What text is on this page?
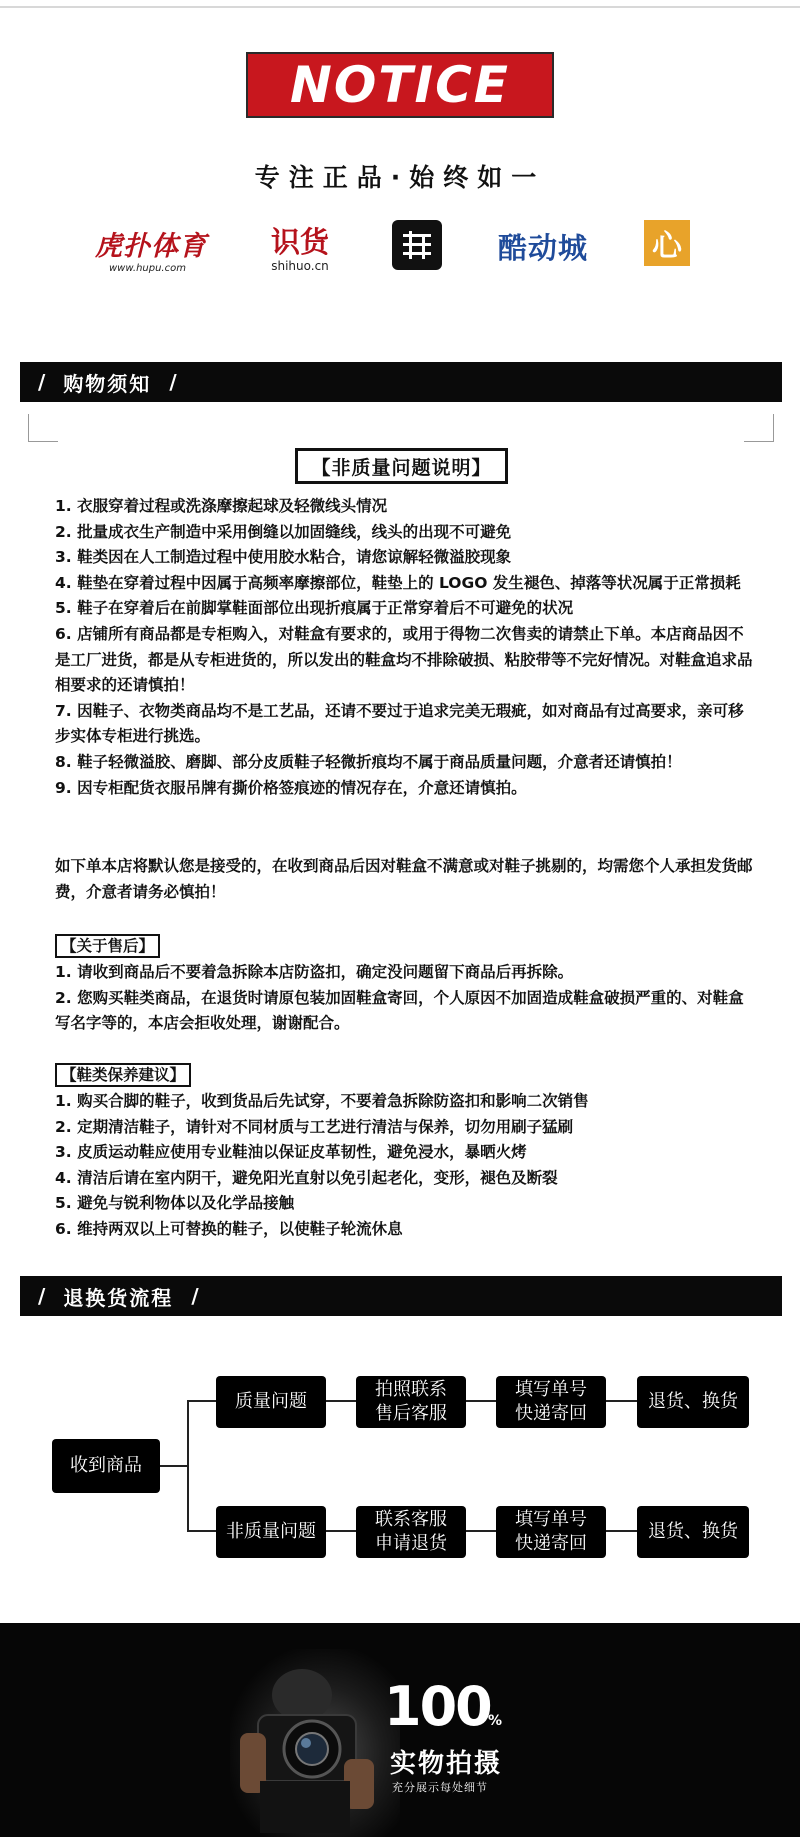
NOTICE
专注正品·始终如一
虎扑体育
www.hupu.com
识货
shihuo.cn
酷动城	心
/ 购物须知 /
【非质量问题说明】

1. 衣服穿着过程或洗涤摩擦起球及轻微线头情况

2. 批量成衣生产制造中采用倒缝以加固缝线，线头的出现不可避免

3. 鞋类因在人工制造过程中使用胶水粘合，请您谅解轻微溢胶现象

4. 鞋垫在穿着过程中因属于高频率摩擦部位，鞋垫上的 LOGO 发生褪色、掉落等状况属于正常损耗

5. 鞋子在穿着后在前脚掌鞋面部位出现折痕属于正常穿着后不可避免的状况

6. 店铺所有商品都是专柜购入，对鞋盒有要求的，或用于得物二次售卖的请禁止下单。本店商品因不是工厂进货，都是从专柜进货的，所以发出的鞋盒均不排除破损、粘胶带等不完好情况。对鞋盒追求品相要求的还请慎拍！

7. 因鞋子、衣物类商品均不是工艺品，还请不要过于追求完美无瑕疵，如对商品有过高要求，亲可移步实体专柜进行挑选。

8. 鞋子轻微溢胶、磨脚、部分皮质鞋子轻微折痕均不属于商品质量问题，介意者还请慎拍！

9. 因专柜配货衣服吊牌有撕价格签痕迹的情况存在，介意还请慎拍。

如下单本店将默认您是接受的，在收到商品后因对鞋盒不满意或对鞋子挑剔的，均需您个人承担发货邮费，介意者请务必慎拍！
【关于售后】

1. 请收到商品后不要着急拆除本店防盗扣，确定没问题留下商品后再拆除。

2. 您购买鞋类商品，在退货时请原包装加固鞋盒寄回，个人原因不加固造成鞋盒破损严重的、对鞋盒写名字等的，本店会拒收处理，谢谢配合。

【鞋类保养建议】

1. 购买合脚的鞋子，收到货品后先试穿，不要着急拆除防盗扣和影响二次销售

2. 定期清洁鞋子，请针对不同材质与工艺进行清洁与保养，切勿用刷子猛刷

3. 皮质运动鞋应使用专业鞋油以保证皮革韧性，避免浸水，暴晒火烤

4. 清洁后请在室内阴干，避免阳光直射以免引起老化，变形，褪色及断裂

5. 避免与锐利物体以及化学品接触

6. 维持两双以上可替换的鞋子，以使鞋子轮流休息

/ 退换货流程 /
收到商品
质量问题
拍照联系
售后客服
填写单号
快递寄回
退货、换货
非质量问题
联系客服
申请退货
填写单号
快递寄回
退货、换货
100
%
实物拍摄
充分展示每处细节
